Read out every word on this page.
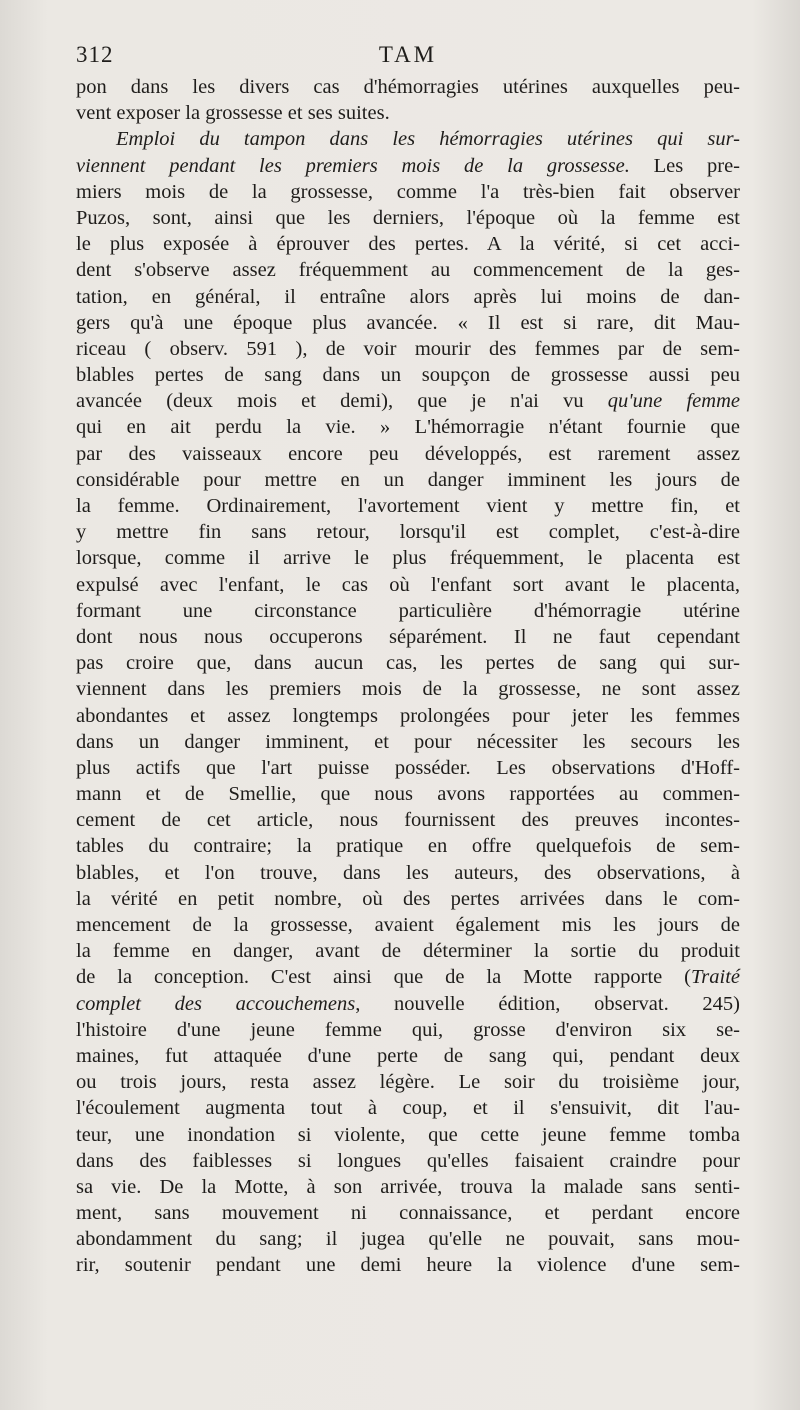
312	TAM
pon dans les divers cas d'hémorragies utérines auxquelles peu-
vent exposer la grossesse et ses suites.
Emploi du tampon dans les hémorragies utérines qui sur-
viennent pendant les premiers mois de la grossesse. Les pre-
miers mois de la grossesse, comme l'a très-bien fait observer
Puzos, sont, ainsi que les derniers, l'époque où la femme est
le plus exposée à éprouver des pertes. A la vérité, si cet acci-
dent s'observe assez fréquemment au commencement de la ges-
tation, en général, il entraîne alors après lui moins de dan-
gers qu'à une époque plus avancée. « Il est si rare, dit Mau-
riceau ( observ. 591 ), de voir mourir des femmes par de sem-
blables pertes de sang dans un soupçon de grossesse aussi peu
avancée (deux mois et demi), que je n'ai vu qu'une femme
qui en ait perdu la vie. » L'hémorragie n'étant fournie que
par des vaisseaux encore peu développés, est rarement assez
considérable pour mettre en un danger imminent les jours de
la femme. Ordinairement, l'avortement vient y mettre fin, et
y mettre fin sans retour, lorsqu'il est complet, c'est-à-dire
lorsque, comme il arrive le plus fréquemment, le placenta est
expulsé avec l'enfant, le cas où l'enfant sort avant le placenta,
formant une circonstance particulière d'hémorragie utérine
dont nous nous occuperons séparément. Il ne faut cependant
pas croire que, dans aucun cas, les pertes de sang qui sur-
viennent dans les premiers mois de la grossesse, ne sont assez
abondantes et assez longtemps prolongées pour jeter les femmes
dans un danger imminent, et pour nécessiter les secours les
plus actifs que l'art puisse posséder. Les observations d'Hoff-
mann et de Smellie, que nous avons rapportées au commen-
cement de cet article, nous fournissent des preuves incontes-
tables du contraire; la pratique en offre quelquefois de sem-
blables, et l'on trouve, dans les auteurs, des observations, à
la vérité en petit nombre, où des pertes arrivées dans le com-
mencement de la grossesse, avaient également mis les jours de
la femme en danger, avant de déterminer la sortie du produit
de la conception. C'est ainsi que de la Motte rapporte (Traité
complet des accouchemens, nouvelle édition, observat. 245)
l'histoire d'une jeune femme qui, grosse d'environ six se-
maines, fut attaquée d'une perte de sang qui, pendant deux
ou trois jours, resta assez légère. Le soir du troisième jour,
l'écoulement augmenta tout à coup, et il s'ensuivit, dit l'au-
teur, une inondation si violente, que cette jeune femme tomba
dans des faiblesses si longues qu'elles faisaient craindre pour
sa vie. De la Motte, à son arrivée, trouva la malade sans senti-
ment, sans mouvement ni connaissance, et perdant encore
abondamment du sang; il jugea qu'elle ne pouvait, sans mou-
rir, soutenir pendant une demi heure la violence d'une sem-
